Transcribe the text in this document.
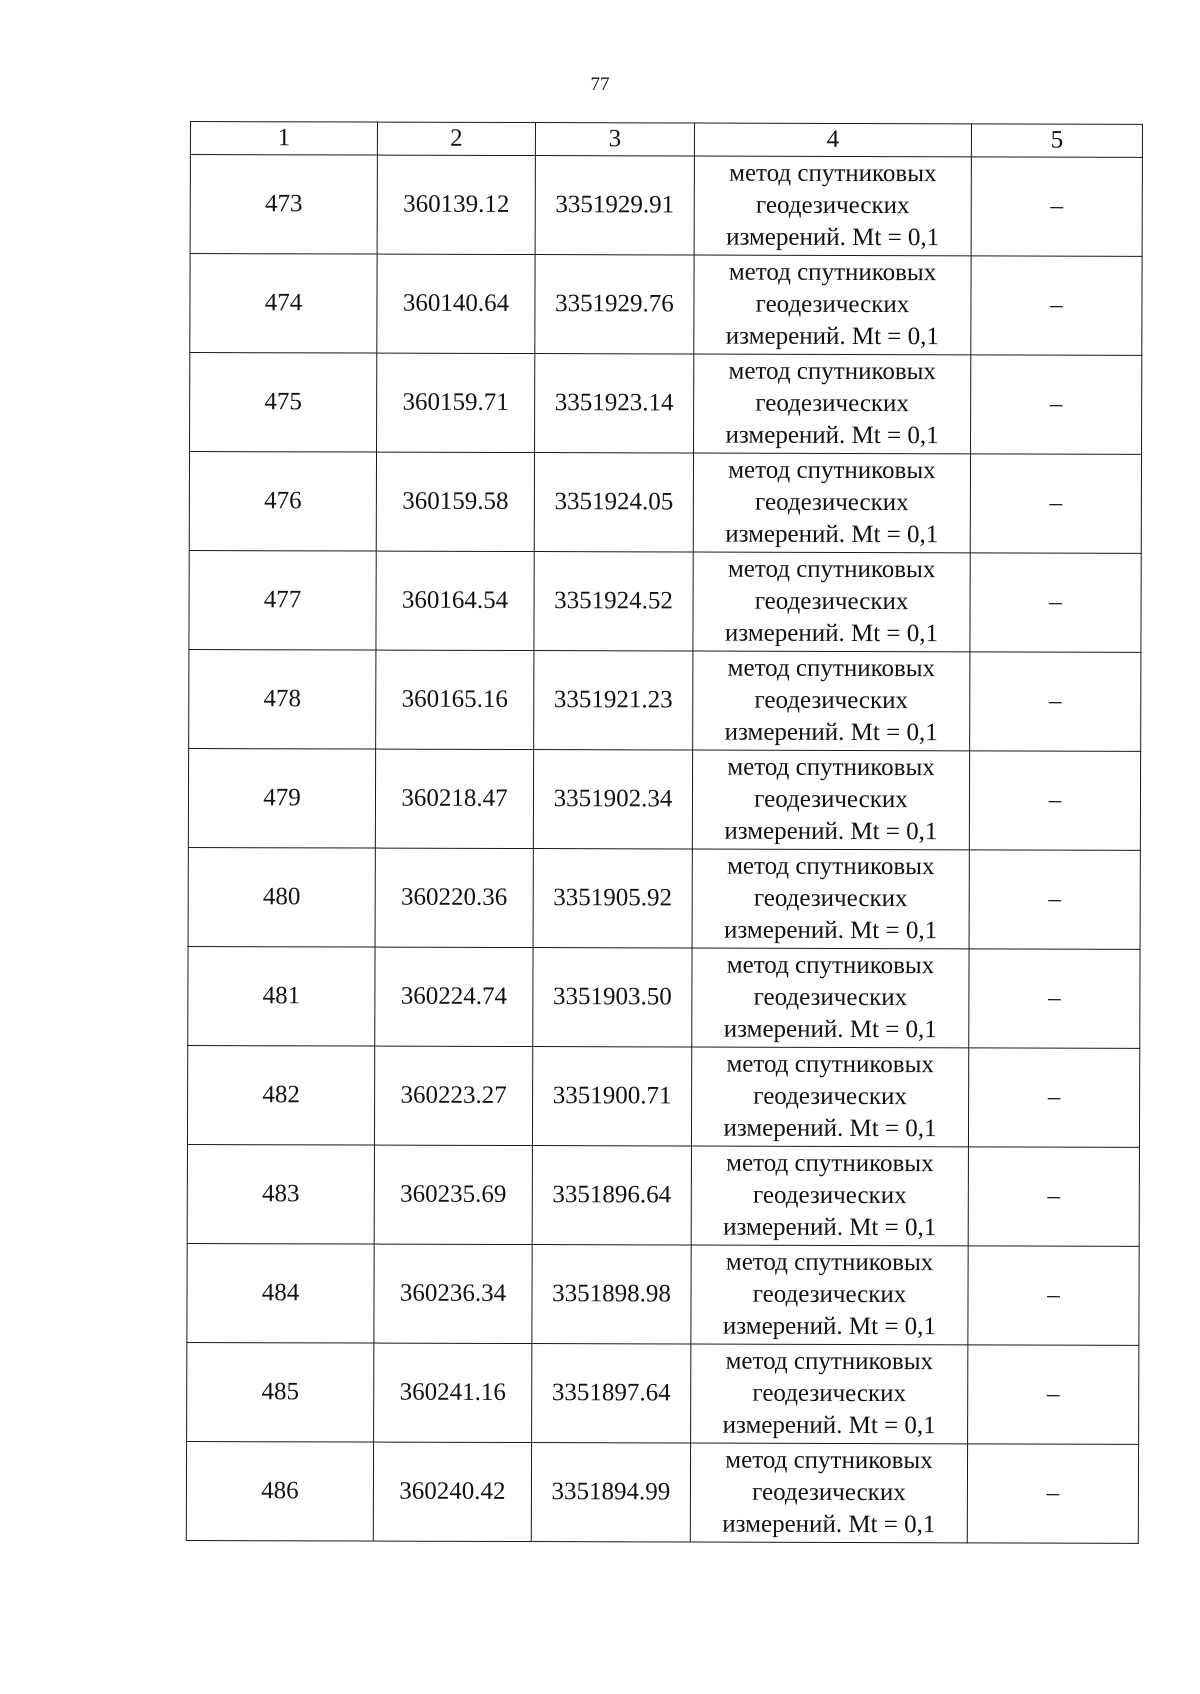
77
1	2	3	4	5
473	360139.12	3351929.91	метод спутниковых
геодезических
измерений. Mt = 0,1	–
474	360140.64	3351929.76	метод спутниковых
геодезических
измерений. Mt = 0,1	–
475	360159.71	3351923.14	метод спутниковых
геодезических
измерений. Mt = 0,1	–
476	360159.58	3351924.05	метод спутниковых
геодезических
измерений. Mt = 0,1	–
477	360164.54	3351924.52	метод спутниковых
геодезических
измерений. Mt = 0,1	–
478	360165.16	3351921.23	метод спутниковых
геодезических
измерений. Mt = 0,1	–
479	360218.47	3351902.34	метод спутниковых
геодезических
измерений. Mt = 0,1	–
480	360220.36	3351905.92	метод спутниковых
геодезических
измерений. Mt = 0,1	–
481	360224.74	3351903.50	метод спутниковых
геодезических
измерений. Mt = 0,1	–
482	360223.27	3351900.71	метод спутниковых
геодезических
измерений. Mt = 0,1	–
483	360235.69	3351896.64	метод спутниковых
геодезических
измерений. Mt = 0,1	–
484	360236.34	3351898.98	метод спутниковых
геодезических
измерений. Mt = 0,1	–
485	360241.16	3351897.64	метод спутниковых
геодезических
измерений. Mt = 0,1	–
486	360240.42	3351894.99	метод спутниковых
геодезических
измерений. Mt = 0,1	–
